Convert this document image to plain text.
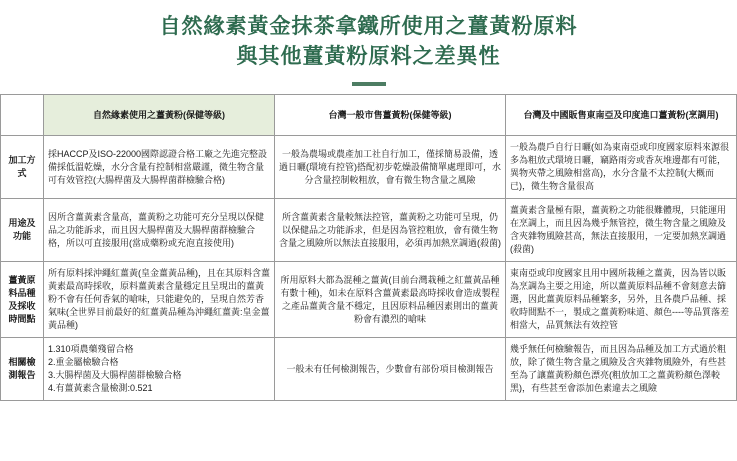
自然緣素黃金抹茶拿鐵所使用之薑黃粉原料
與其他薑黃粉原料之差異性
	自然緣素使用之薑黃粉(保健等級)	台灣一般市售薑黃粉(保健等級)	台灣及中國販售東南亞及印度進口薑黃粉(烹調用)
加工方式	採HACCP及ISO-22000國際認證合格工廠之先進完整設備採低溫乾燥，水分含量有控制相當嚴謹，微生物含量可有效管控(大腸桿菌及大腸桿菌群檢驗合格)	一般為農場或農產加工社自行加工，僅採簡易設備，透過日曬(環境有控管)搭配初步乾燥設備簡單處理即可，水分含量控制較粗放，會有微生物含量之風險	一般為農戶自行日曬(如為東南亞或印度國家原料來源很多為粗放式環境日曬，竊路雨旁或香灰堆邊都有可能，異物夾帶之風險相當高)，水分含量不太控制(大概而已)，微生物含量很高
用途及功能	因所含薑黃素含量高，薑黃粉之功能可充分呈現以保健品之功能訴求，而且因大腸桿菌及大腸桿菌群檢驗合格，所以可直接服用(當成藥粉或充泡直接使用)	所含薑黃素含量較無法控管，薑黃粉之功能可呈現，仍以保健品之功能訴求，但是因為管控粗放，會有微生物含量之風險所以無法直接服用，必須再加熱烹調過(殺菌)	薑黃素含量極有限，薑黃粉之功能很難體現，只能運用在烹調上，而且因為幾乎無管控，微生物含量之風險及含夾雜物風險甚高，無法直接服用，一定要加熱烹調過(殺菌)
薑黃原料品種及採收時間點	所有原料採沖繩紅薑黃(皇金薑黃品種)，且在其原料含薑黃素最高時採收，原料薑黃素含量穩定且呈現出的薑黃粉不會有任何香氣的嗆味，只能避免的，呈現自然芳香氣味(全世界目前最好的紅薑黃品種為沖繩紅薑黃:皇金薑黃品種)	所用原料大都為混種之薑黃(目前台灣栽種之紅薑黃品種有數十種)，如未在原料含薑黃素最高時採收會造成製程之產品薑黃含量不穩定，且因原料品種因素則出的薑黃粉會有濃烈的嗆味	東南亞或印度國家且用中國所栽種之薑黃，因為皆以販為烹調為主要之用途，所以薑黃原料品種不會刻意去篩選，因此薑黃原料品種繁多，另外，且各農戶品種、採收時間點不一，製成之薑黃粉味道、顏色----等品質落差相當大，品質無法有效控管
相關檢測報告	1.310項農藥殘留合格

2.重金屬檢驗合格

3.大腸桿菌及大腸桿菌群檢驗合格

4.有薑黃素含量檢測:0.521	一般未有任何檢測報告，少數會有部份項目檢測報告	幾乎無任何檢驗報告，而且因為品種及加工方式過於粗放，除了微生物含量之風險及含夾雜物風險外，有些甚至為了讓薑黃粉顏色漂亮(粗放加工之薑黃粉顏色澤較黑)，有些甚至會添加色素違去之風險
